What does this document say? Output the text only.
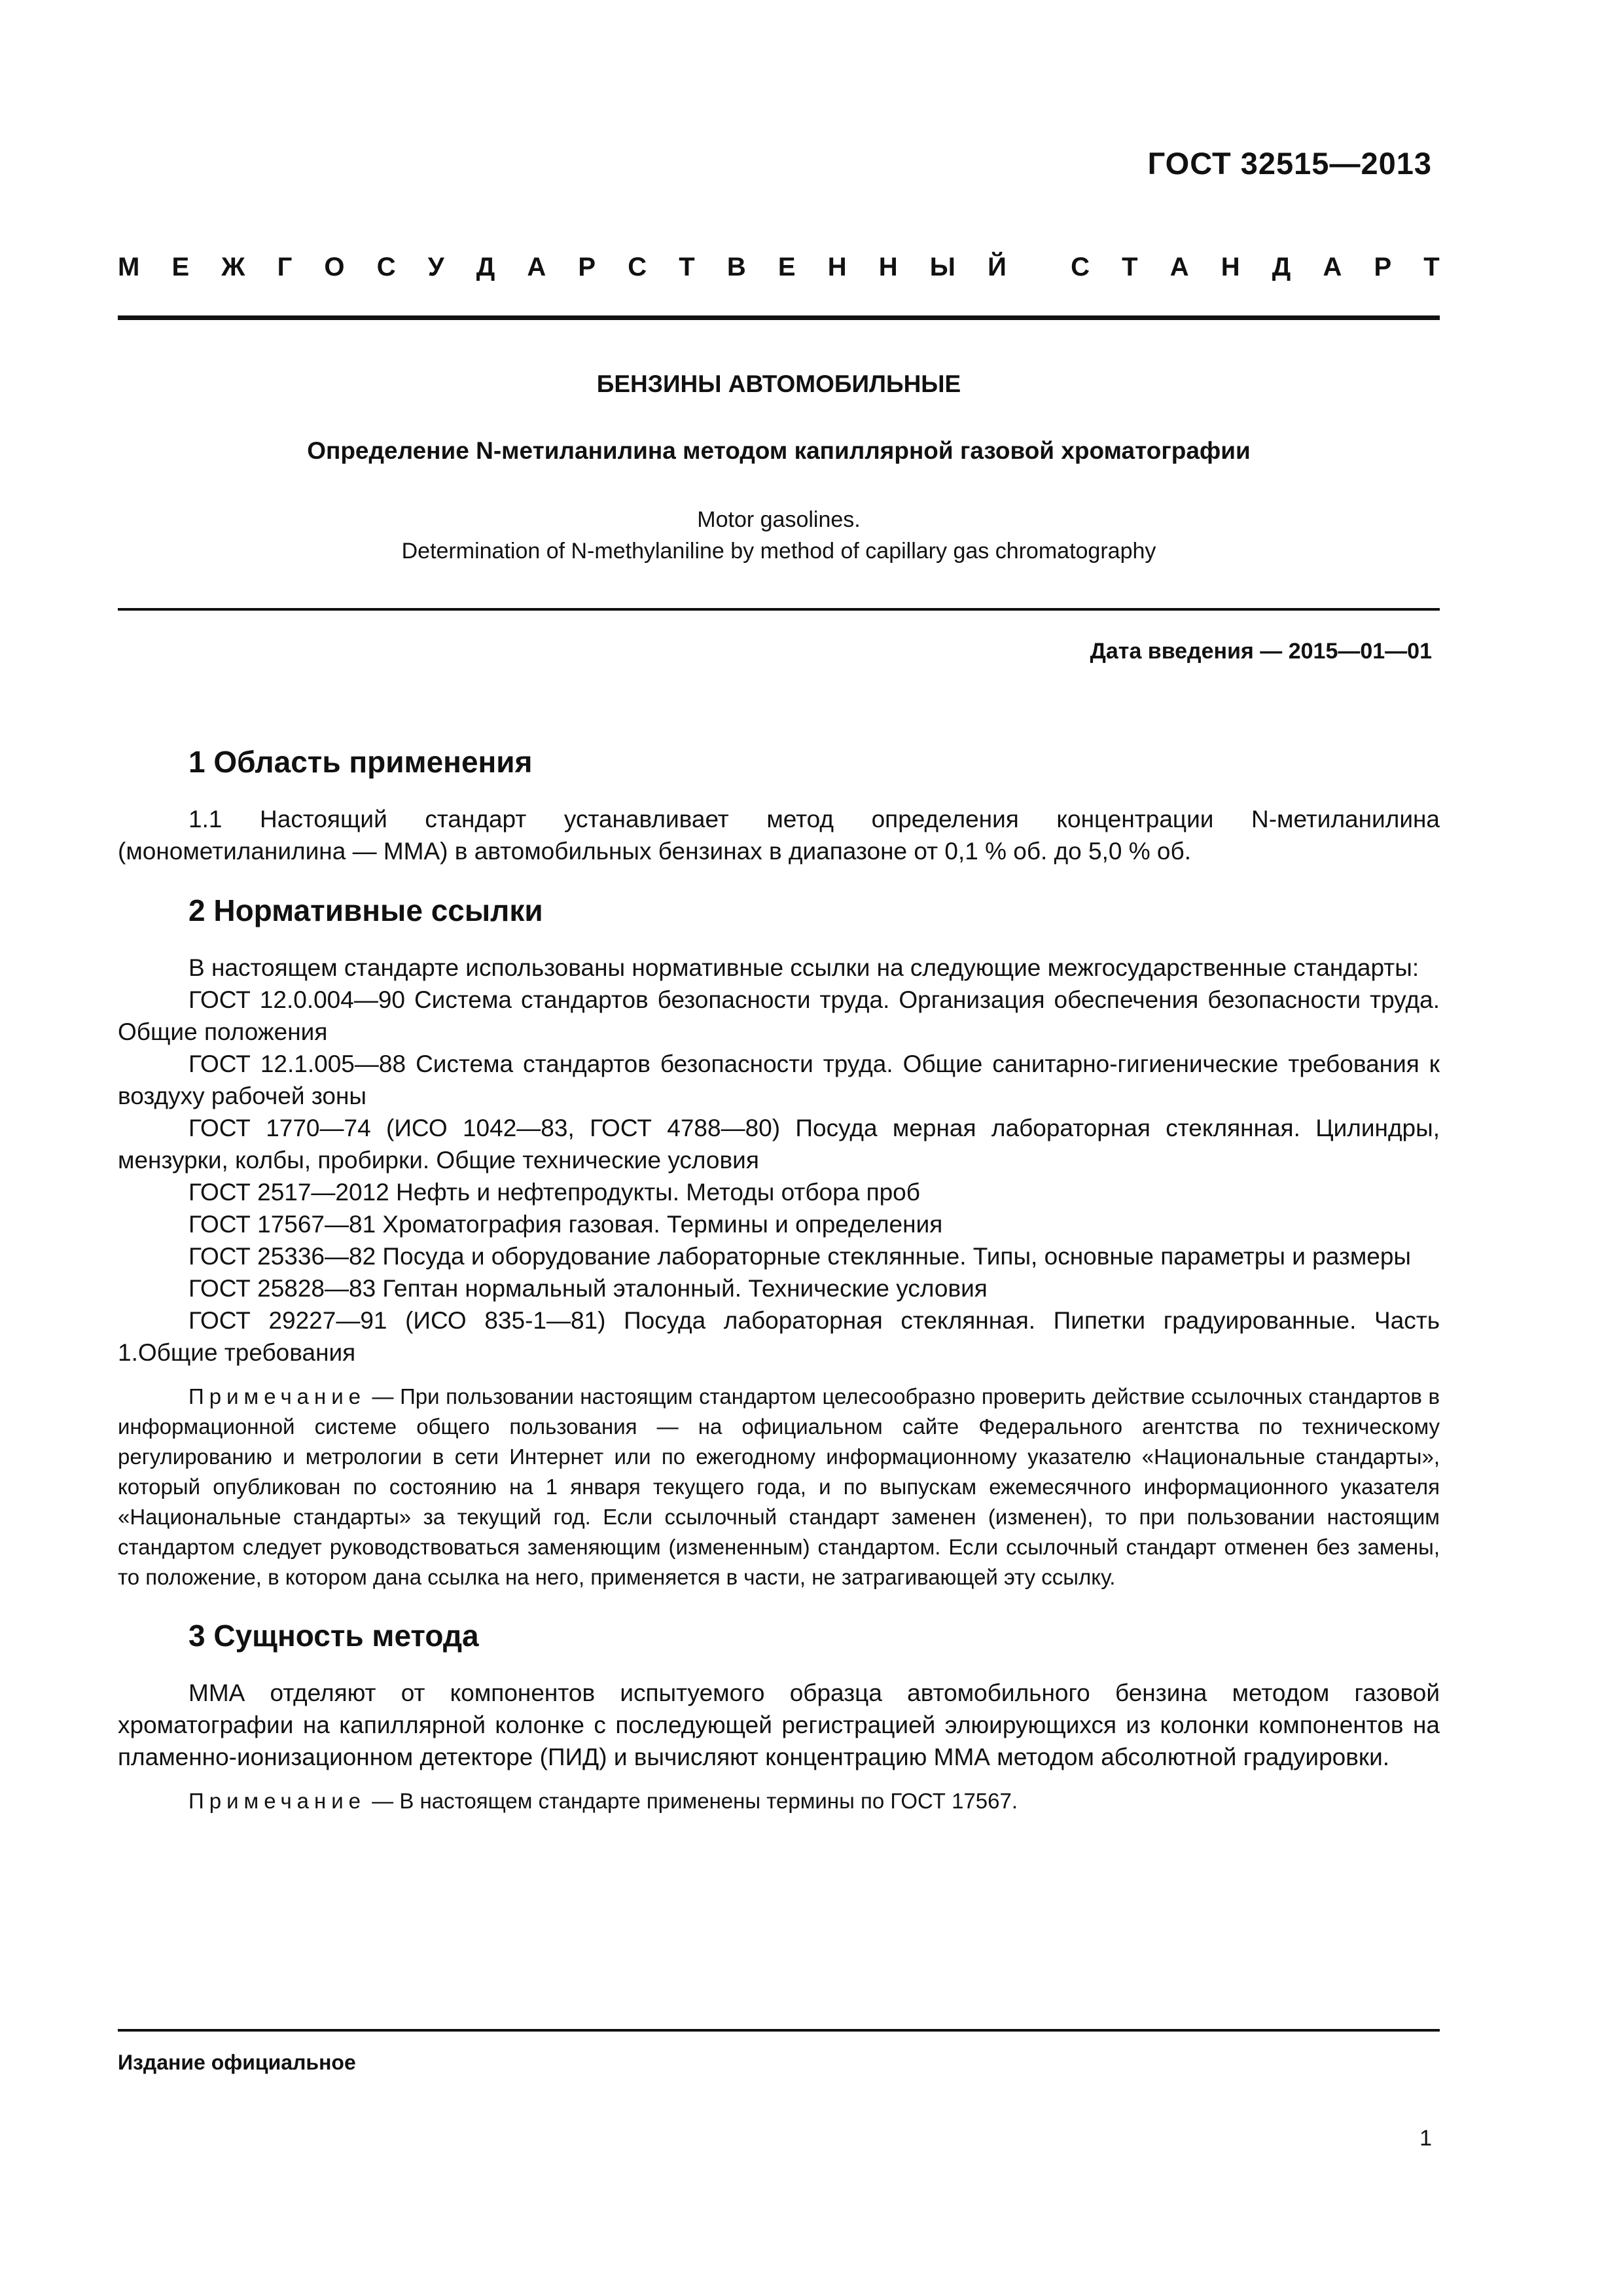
ГОСТ 32515—2013
М Е Ж Г О С У Д А Р С Т В Е Н Н Ы Й С Т А Н Д А Р Т
БЕНЗИНЫ АВТОМОБИЛЬНЫЕ
Определение N-метиланилина методом капиллярной газовой хроматографии
Motor gasolines.
Determination of N-methylaniline by method of capillary gas chromatography
Дата введения — 2015—01—01
1 Область применения

1.1 Настоящий стандарт устанавливает метод определения концентрации N-метиланилина (монометиланилина — ММА) в автомобильных бензинах в диапазоне от 0,1 % об. до 5,0 % об.

2 Нормативные ссылки

В настоящем стандарте использованы нормативные ссылки на следующие межгосударственные стандарты:

ГОСТ 12.0.004—90 Система стандартов безопасности труда. Организация обеспечения безопасности труда. Общие положения

ГОСТ 12.1.005—88 Система стандартов безопасности труда. Общие санитарно-гигиенические требования к воздуху рабочей зоны

ГОСТ 1770—74 (ИСО 1042—83, ГОСТ 4788—80) Посуда мерная лабораторная стеклянная. Цилиндры, мензурки, колбы, пробирки. Общие технические условия

ГОСТ 2517—2012 Нефть и нефтепродукты. Методы отбора проб

ГОСТ 17567—81 Хроматография газовая. Термины и определения

ГОСТ 25336—82 Посуда и оборудование лабораторные стеклянные. Типы, основные параметры и размеры

ГОСТ 25828—83 Гептан нормальный эталонный. Технические условия

ГОСТ 29227—91 (ИСО 835-1—81) Посуда лабораторная стеклянная. Пипетки градуированные. Часть 1.Общие требования

Примечание — При пользовании настоящим стандартом целесообразно проверить действие ссылочных стандартов в информационной системе общего пользования — на официальном сайте Федерального агентства по техническому регулированию и метрологии в сети Интернет или по ежегодному информационному указателю «Национальные стандарты», который опубликован по состоянию на 1 января текущего года, и по выпускам ежемесячного информационного указателя «Национальные стандарты» за текущий год. Если ссылочный стандарт заменен (изменен), то при пользовании настоящим стандартом следует руководствоваться заменяющим (измененным) стандартом. Если ссылочный стандарт отменен без замены, то положение, в котором дана ссылка на него, применяется в части, не затрагивающей эту ссылку.

3 Сущность метода

ММА отделяют от компонентов испытуемого образца автомобильного бензина методом газовой хроматографии на капиллярной колонке с последующей регистрацией элюирующихся из колонки компонентов на пламенно-ионизационном детекторе (ПИД) и вычисляют концентрацию ММА методом абсолютной градуировки.

Примечание — В настоящем стандарте применены термины по ГОСТ 17567.

Издание официальное
1
